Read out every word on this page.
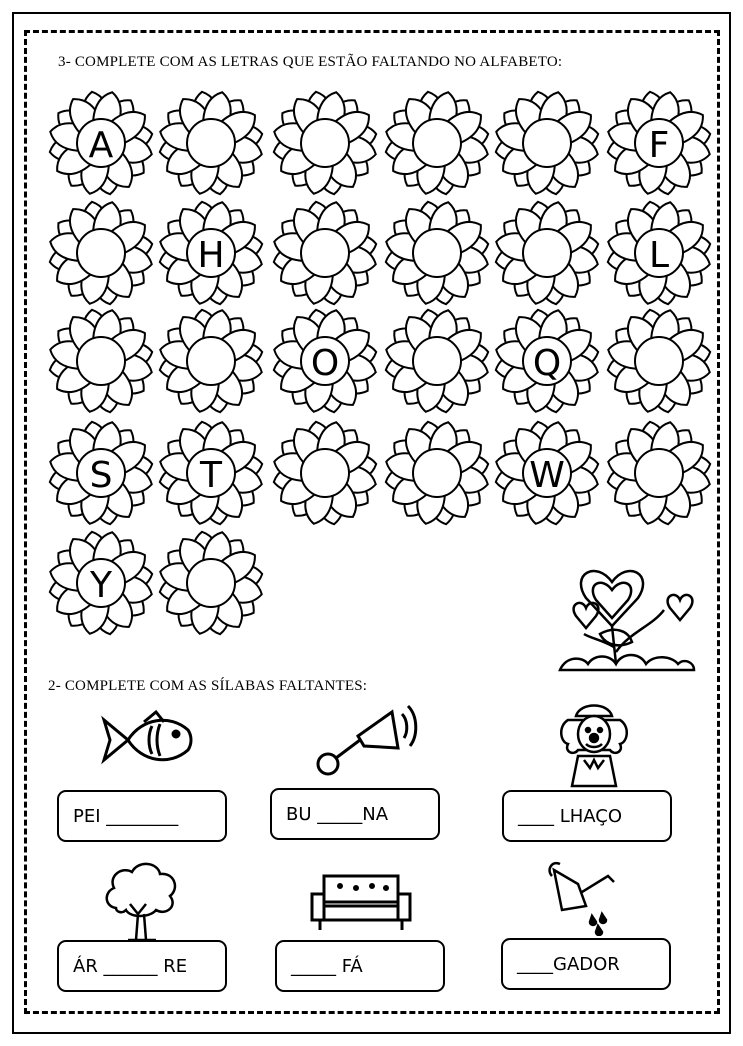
3- COMPLETE COM AS LETRAS QUE ESTÃO FALTANDO NO ALFABETO:
A	F
H	L
O	Q
S	T	W
Y
2- COMPLETE COM AS SÍLABAS FALTANTES:
PEI ________	BU _____NA	____ LHAÇO
ÁR ______ RE	_____ FÁ	____GADOR
